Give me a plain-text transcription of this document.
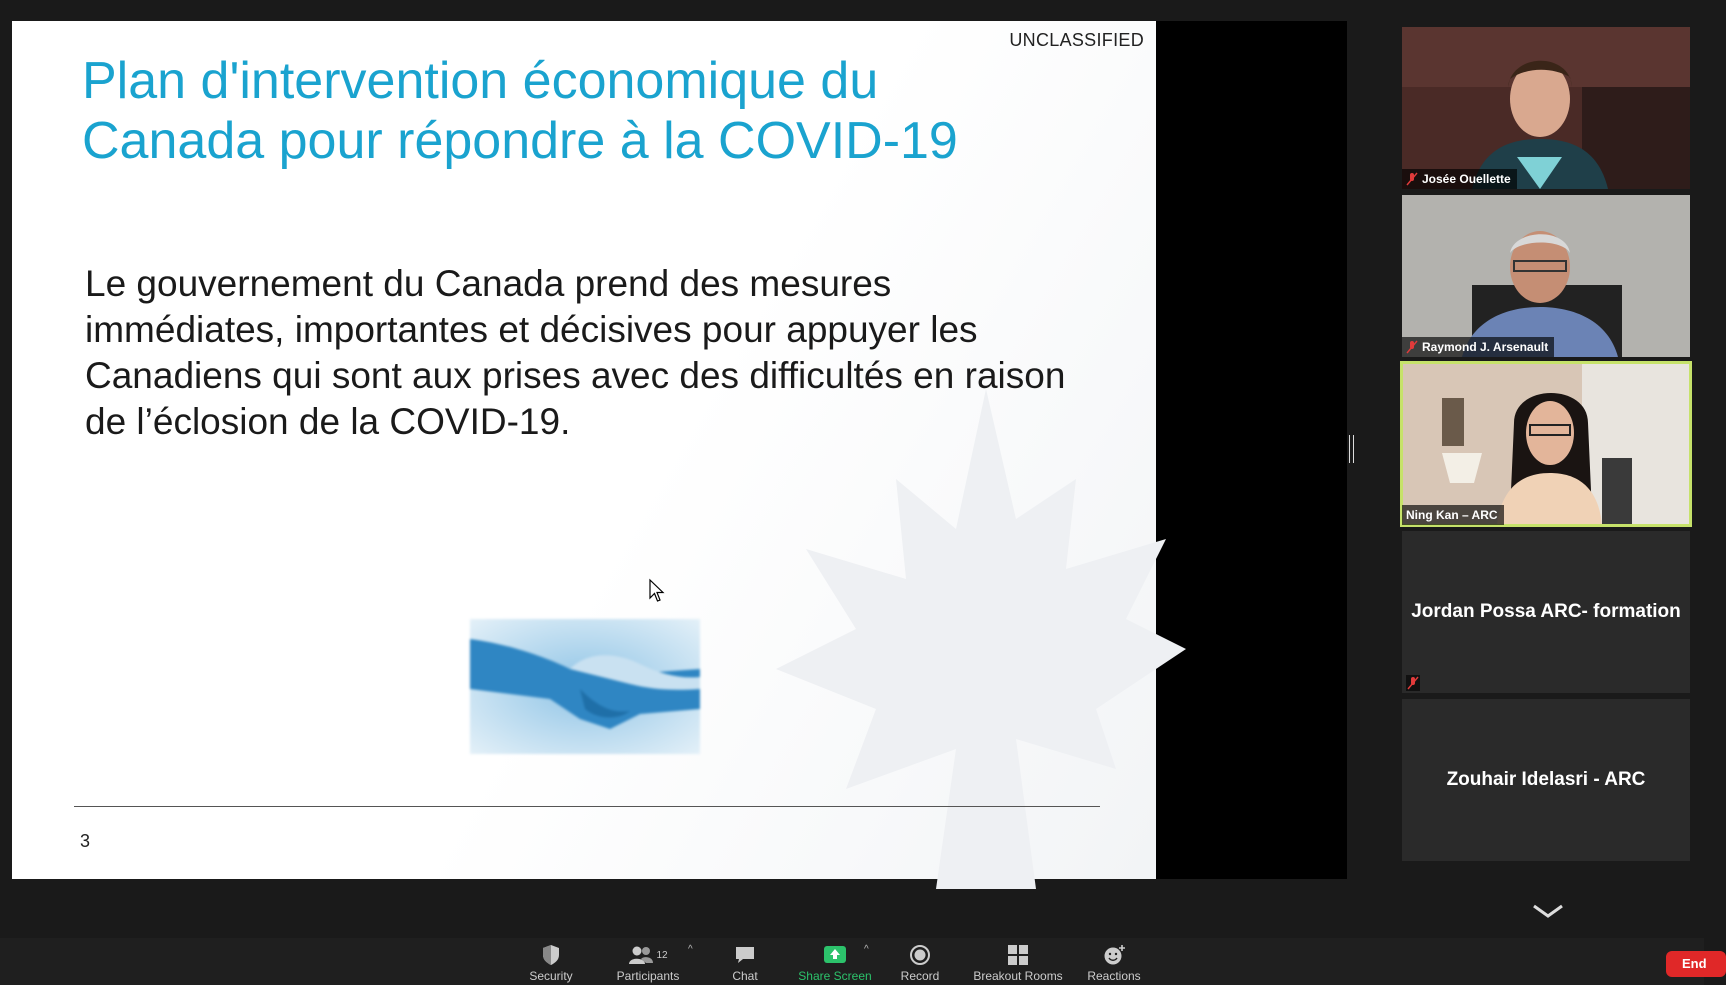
UNCLASSIFIED
Plan d'intervention économique du
Canada pour répondre à la COVID-19
Le gouvernement du Canada prend des mesures immédiates, importantes et décisives pour appuyer les Canadiens qui sont aux prises avec des difficultés en raison de l’éclosion de la COVID-19.
3
Josée Ouellette
Raymond J. Arsenault
Ning Kan – ARC
Jordan Possa ARC- formation
Zouhair Idelasri - ARC
Security
12
Participants
^
Chat	Share Screen
^
Record	Breakout Rooms Reactions
End
